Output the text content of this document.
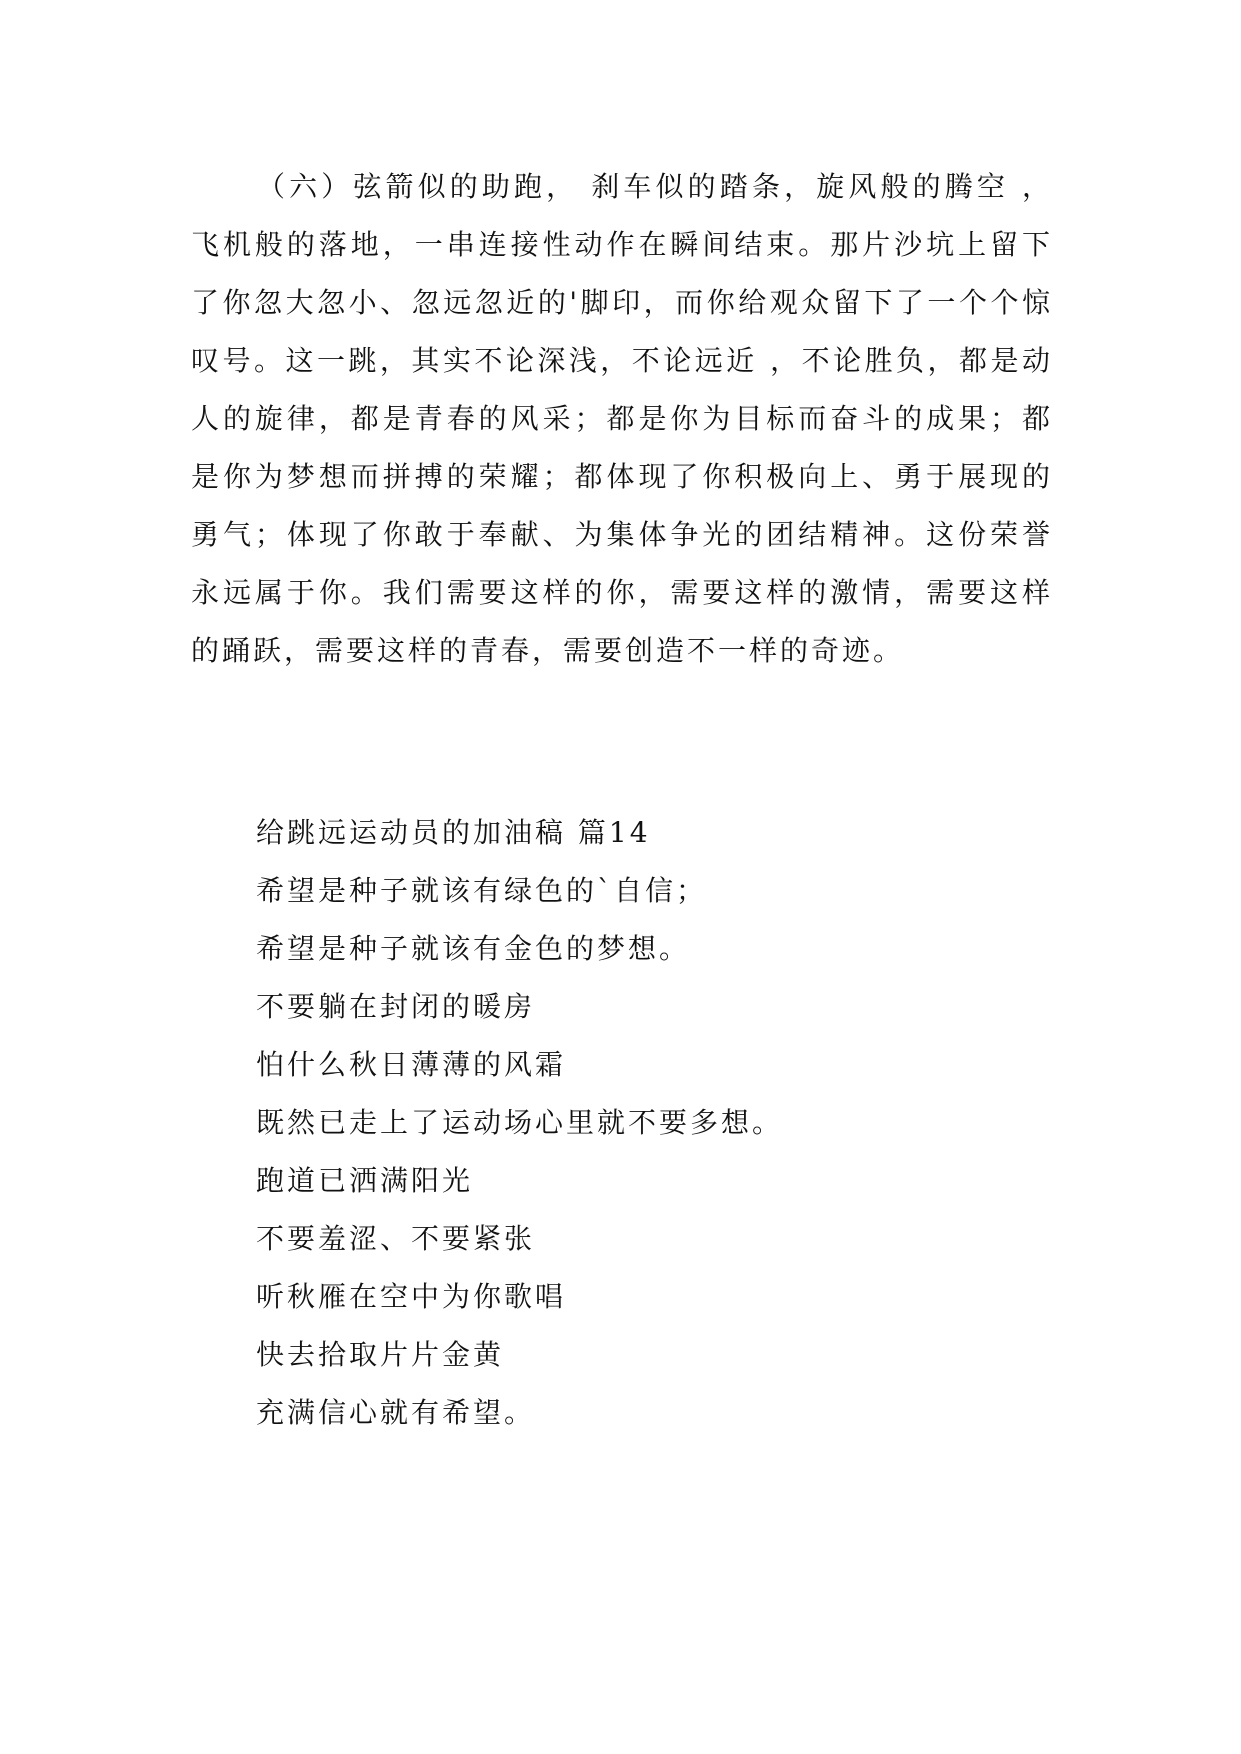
（六）弦箭似的助跑， 刹车似的踏条，旋风般的腾空 ，飞机般的落地，一串连接性动作在瞬间结束。那片沙坑上留下了你忽大忽小、忽远忽近的'脚印，而你给观众留下了一个个惊叹号。这一跳，其实不论深浅，不论远近 ，不论胜负，都是动人的旋律，都是青春的风采；都是你为目标而奋斗的成果；都是你为梦想而拼搏的荣耀；都体现了你积极向上、勇于展现的勇气；体现了你敢于奉献、为集体争光的团结精神。这份荣誉永远属于你。我们需要这样的你，需要这样的激情，需要这样的踊跃，需要这样的青春，需要创造不一样的奇迹。

给跳远运动员的加油稿 篇14
希望是种子就该有绿色的`自信；
希望是种子就该有金色的梦想。
不要躺在封闭的暖房
怕什么秋日薄薄的风霜
既然已走上了运动场心里就不要多想。
跑道已洒满阳光
不要羞涩、不要紧张
听秋雁在空中为你歌唱
快去拾取片片金黄
充满信心就有希望。
